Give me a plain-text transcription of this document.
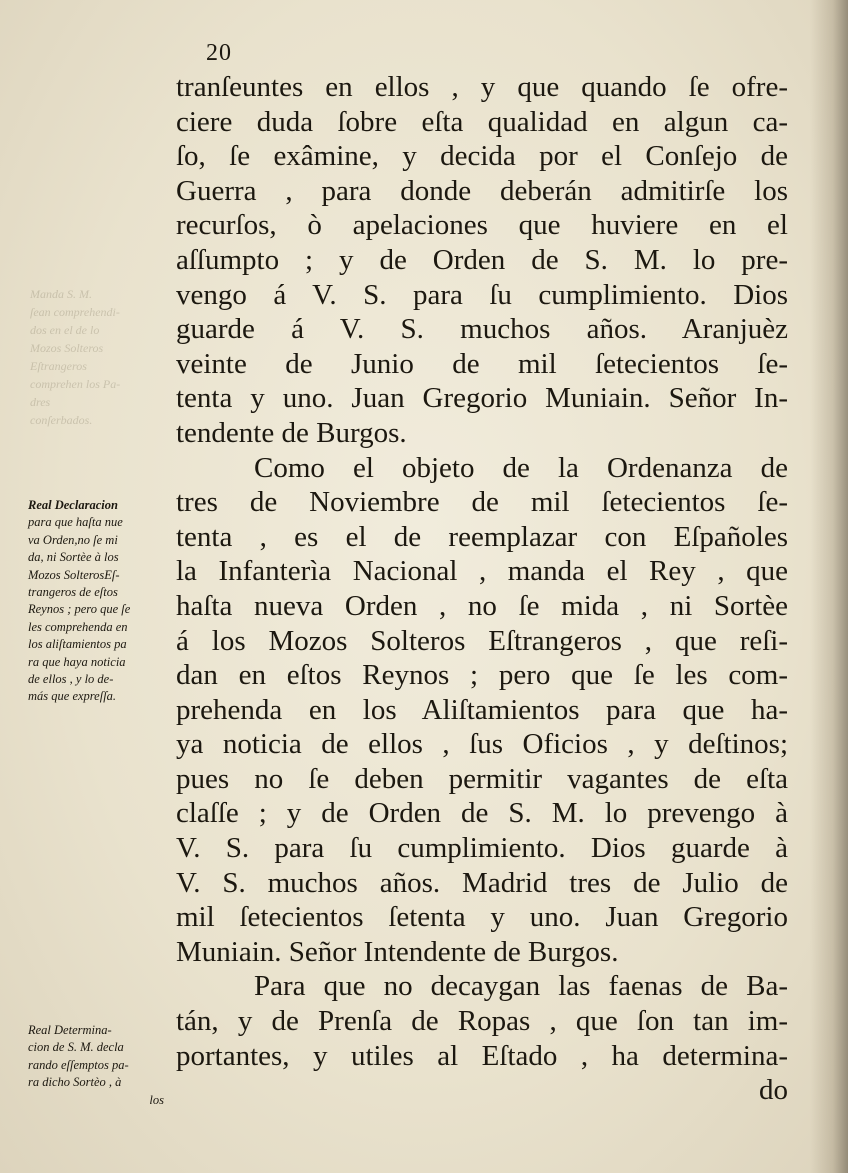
Manda S. M.
ſean comprehendi-
dos en el de lo
Mozos Solteros
Eſtrangeros
comprehen los Pa-
dres
conſerbados.
20
tranſeuntes en ellos , y que quando ſe ofre-
ciere duda ſobre eſta qualidad en algun ca-
ſo, ſe exâmine, y decida por el Conſejo de
Guerra , para donde deberán admitirſe los
recurſos, ò apelaciones que huviere en el
aſſumpto ; y de Orden de S. M. lo pre-
vengo á V. S. para ſu cumplimiento. Dios
guarde á V. S. muchos años. Aranjuèz
veinte de Junio de mil ſetecientos ſe-
tenta y uno. Juan Gregorio Muniain. Señor In-
tendente de Burgos.
Como el objeto de la Ordenanza de
tres de Noviembre de mil ſetecientos ſe-
tenta , es el de reemplazar con Eſpañoles
la Infanterìa Nacional , manda el Rey , que
haſta nueva Orden , no ſe mida , ni Sortèe
á los Mozos Solteros Eſtrangeros , que reſi-
dan en eſtos Reynos ; pero que ſe les com-
prehenda en los Aliſtamientos para que ha-
ya noticia de ellos , ſus Oficios , y deſtinos;
pues no ſe deben permitir vagantes de eſta
claſſe ; y de Orden de S. M. lo prevengo à
V. S. para ſu cumplimiento. Dios guarde à
V. S. muchos años. Madrid tres de Julio de
mil ſetecientos ſetenta y uno. Juan Gregorio
Muniain. Señor Intendente de Burgos.
Para que no decaygan las faenas de Ba-
tán, y de Prenſa de Ropas , que ſon tan im-
portantes, y utiles al Eſtado , ha determina-
do
Real Declaracion
para que haſta nue
va Orden,no ſe mi
da, ni Sortèe à los
Mozos SolterosEſ-
trangeros de eſtos
Reynos ; pero que ſe
les comprehenda en
los aliſtamientos pa
ra que haya noticia
de ellos , y lo de-
más que expreſſa.
Real Determina-
cion de S. M. decla
rando eſſemptos pa-
ra dicho Sortèo , à
los
